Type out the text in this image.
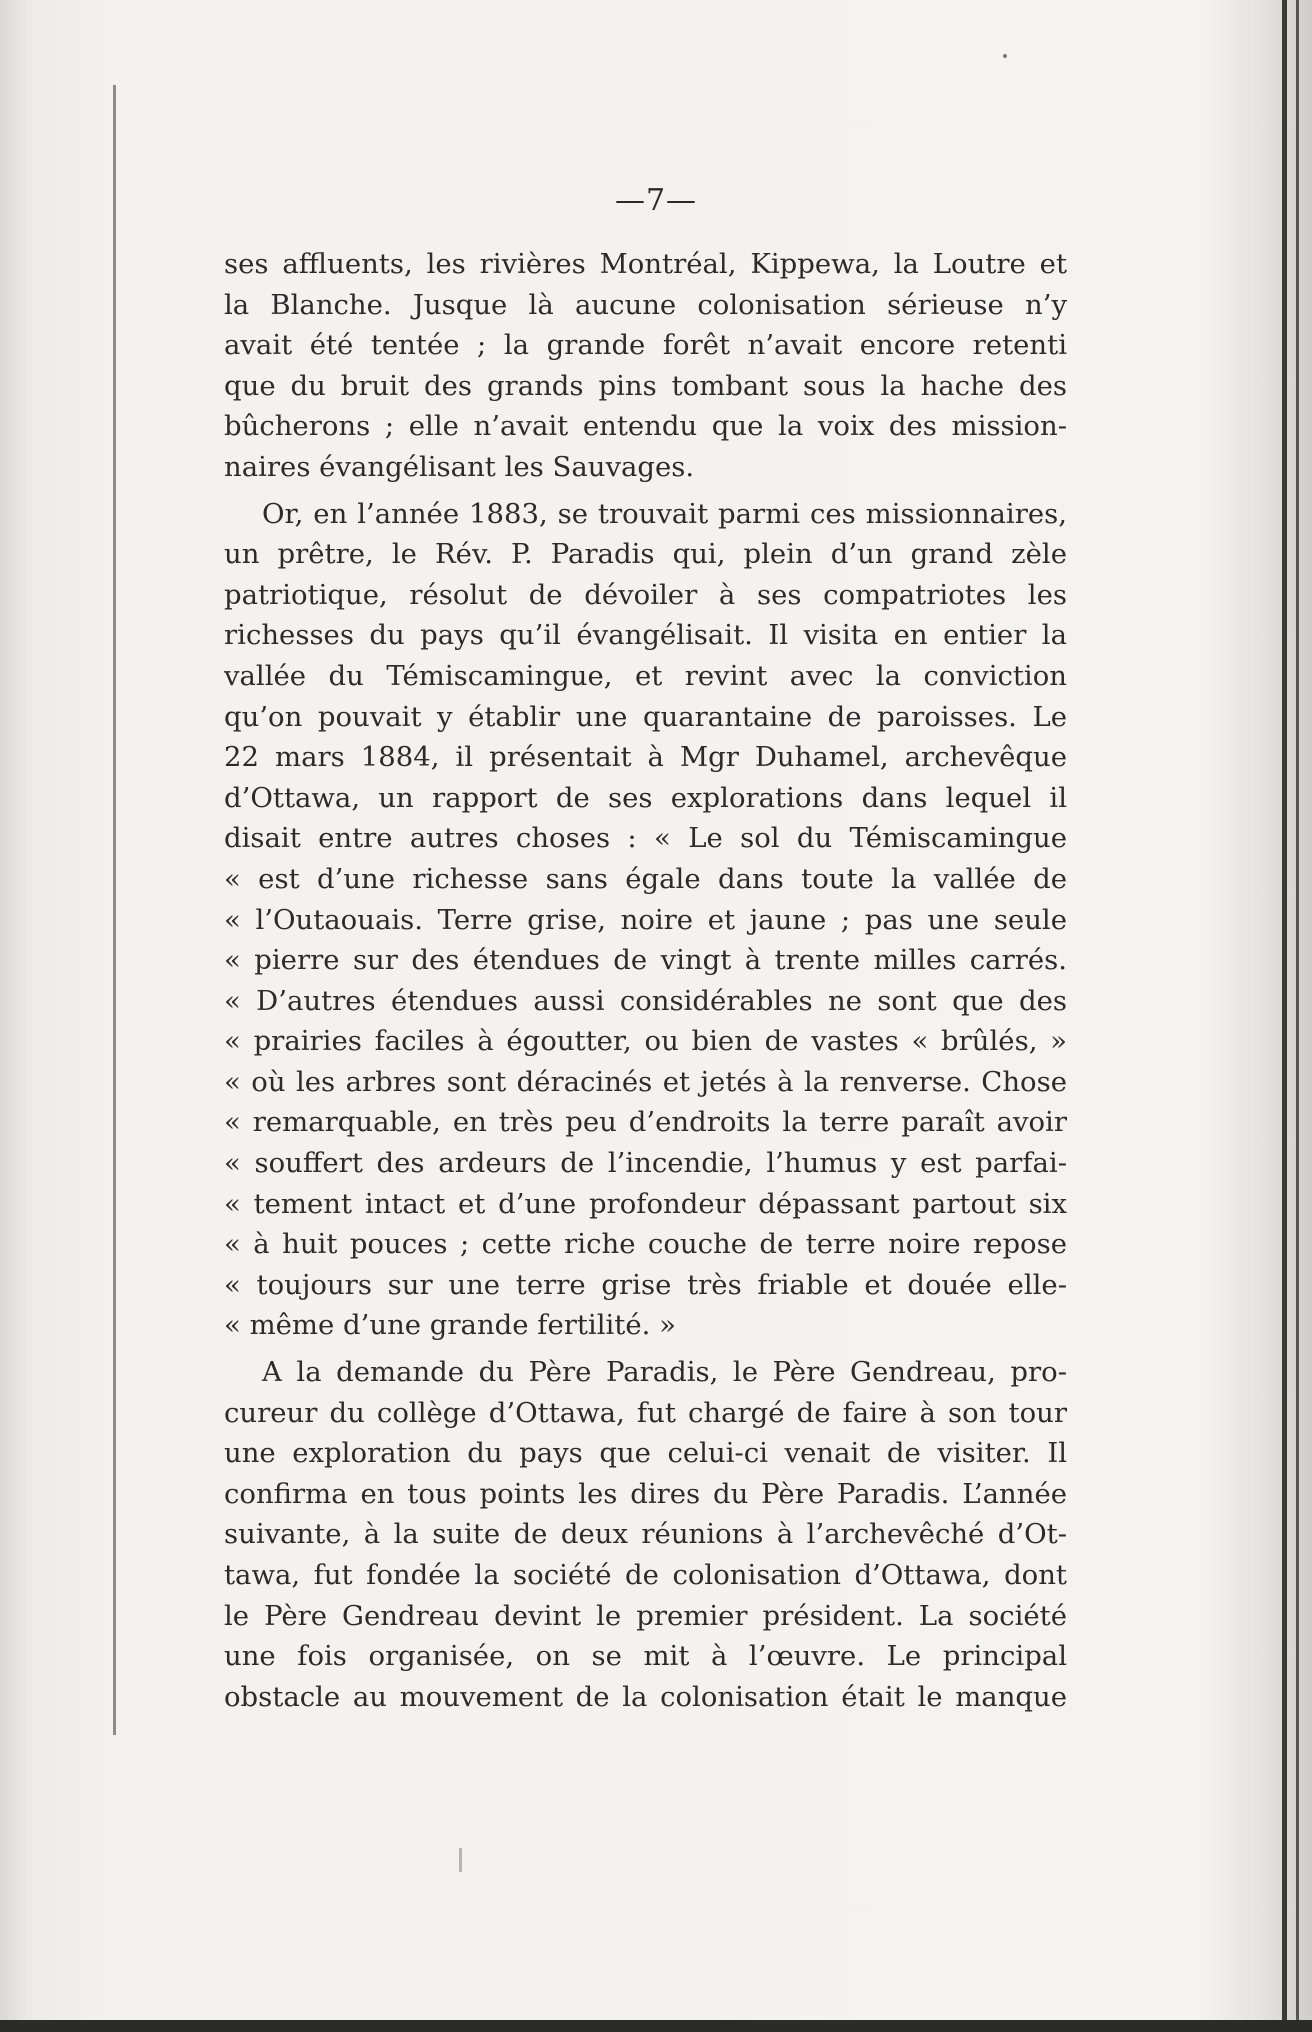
—7—
ses affluents, les rivières Montréal, Kippewa, la Loutre et
la Blanche. Jusque là aucune colonisation sérieuse n’y
avait été tentée ; la grande forêt n’avait encore retenti
que du bruit des grands pins tombant sous la hache des
bûcherons ; elle n’avait entendu que la voix des mission-
naires évangélisant les Sauvages.
Or, en l’année 1883, se trouvait parmi ces missionnaires,
un prêtre, le Rév. P. Paradis qui, plein d’un grand zèle
patriotique, résolut de dévoiler à ses compatriotes les
richesses du pays qu’il évangélisait. Il visita en entier la
vallée du Témiscamingue, et revint avec la conviction
qu’on pouvait y établir une quarantaine de paroisses. Le
22 mars 1884, il présentait à Mgr Duhamel, archevêque
d’Ottawa, un rapport de ses explorations dans lequel il
disait entre autres choses : « Le sol du Témiscamingue
« est d’une richesse sans égale dans toute la vallée de
« l’Outaouais. Terre grise, noire et jaune ; pas une seule
« pierre sur des étendues de vingt à trente milles carrés.
« D’autres étendues aussi considérables ne sont que des
« prairies faciles à égoutter, ou bien de vastes « brûlés, »
« où les arbres sont déracinés et jetés à la renverse. Chose
« remarquable, en très peu d’endroits la terre paraît avoir
« souffert des ardeurs de l’incendie, l’humus y est parfai-
« tement intact et d’une profondeur dépassant partout six
« à huit pouces ; cette riche couche de terre noire repose
« toujours sur une terre grise très friable et douée elle-
« même d’une grande fertilité. »
A la demande du Père Paradis, le Père Gendreau, pro-
cureur du collège d’Ottawa, fut chargé de faire à son tour
une exploration du pays que celui-ci venait de visiter. Il
confirma en tous points les dires du Père Paradis. L’année
suivante, à la suite de deux réunions à l’archevêché d’Ot-
tawa, fut fondée la société de colonisation d’Ottawa, dont
le Père Gendreau devint le premier président. La société
une fois organisée, on se mit à l’œuvre. Le principal
obstacle au mouvement de la colonisation était le manque
